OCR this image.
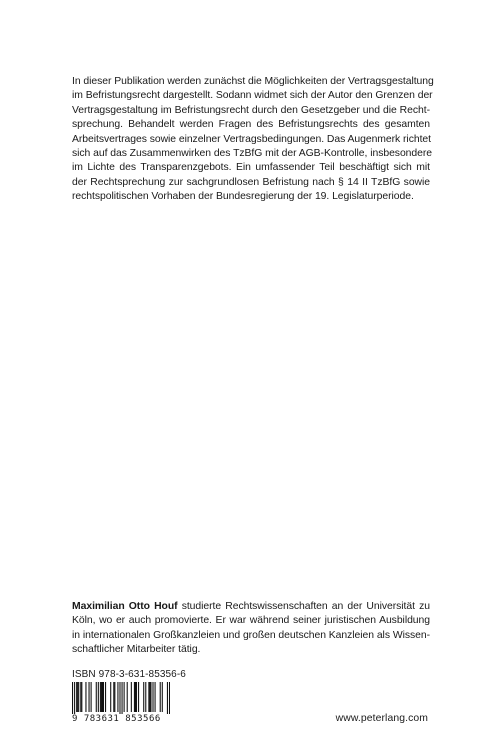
In dieser Publikation werden zunächst die Möglichkeiten der Vertragsgestaltung
im Befristungsrecht dargestellt. Sodann widmet sich der Autor den Grenzen der
Vertragsgestaltung im Befristungsrecht durch den Gesetzgeber und die Recht-
sprechung. Behandelt werden Fragen des Befristungsrechts des gesamten
Arbeitsvertrages sowie einzelner Vertragsbedingungen. Das Augenmerk richtet
sich auf das Zusammenwirken des TzBfG mit der AGB-Kontrolle, insbesondere
im Lichte des Transparenzgebots. Ein umfassender Teil beschäftigt sich mit
der Rechtsprechung zur sachgrundlosen Befristung nach § 14 II TzBfG sowie
rechtspolitischen Vorhaben der Bundesregierung der 19. Legislaturperiode.
Maximilian Otto Houf studierte Rechtswissenschaften an der Universität zu
Köln, wo er auch promovierte. Er war während seiner juristischen Ausbildung
in internationalen Großkanzleien und großen deutschen Kanzleien als Wissen-
schaftlicher Mitarbeiter tätig.
ISBN 978-3-631-85356-6
9 783631 853566	www.peterlang.com
